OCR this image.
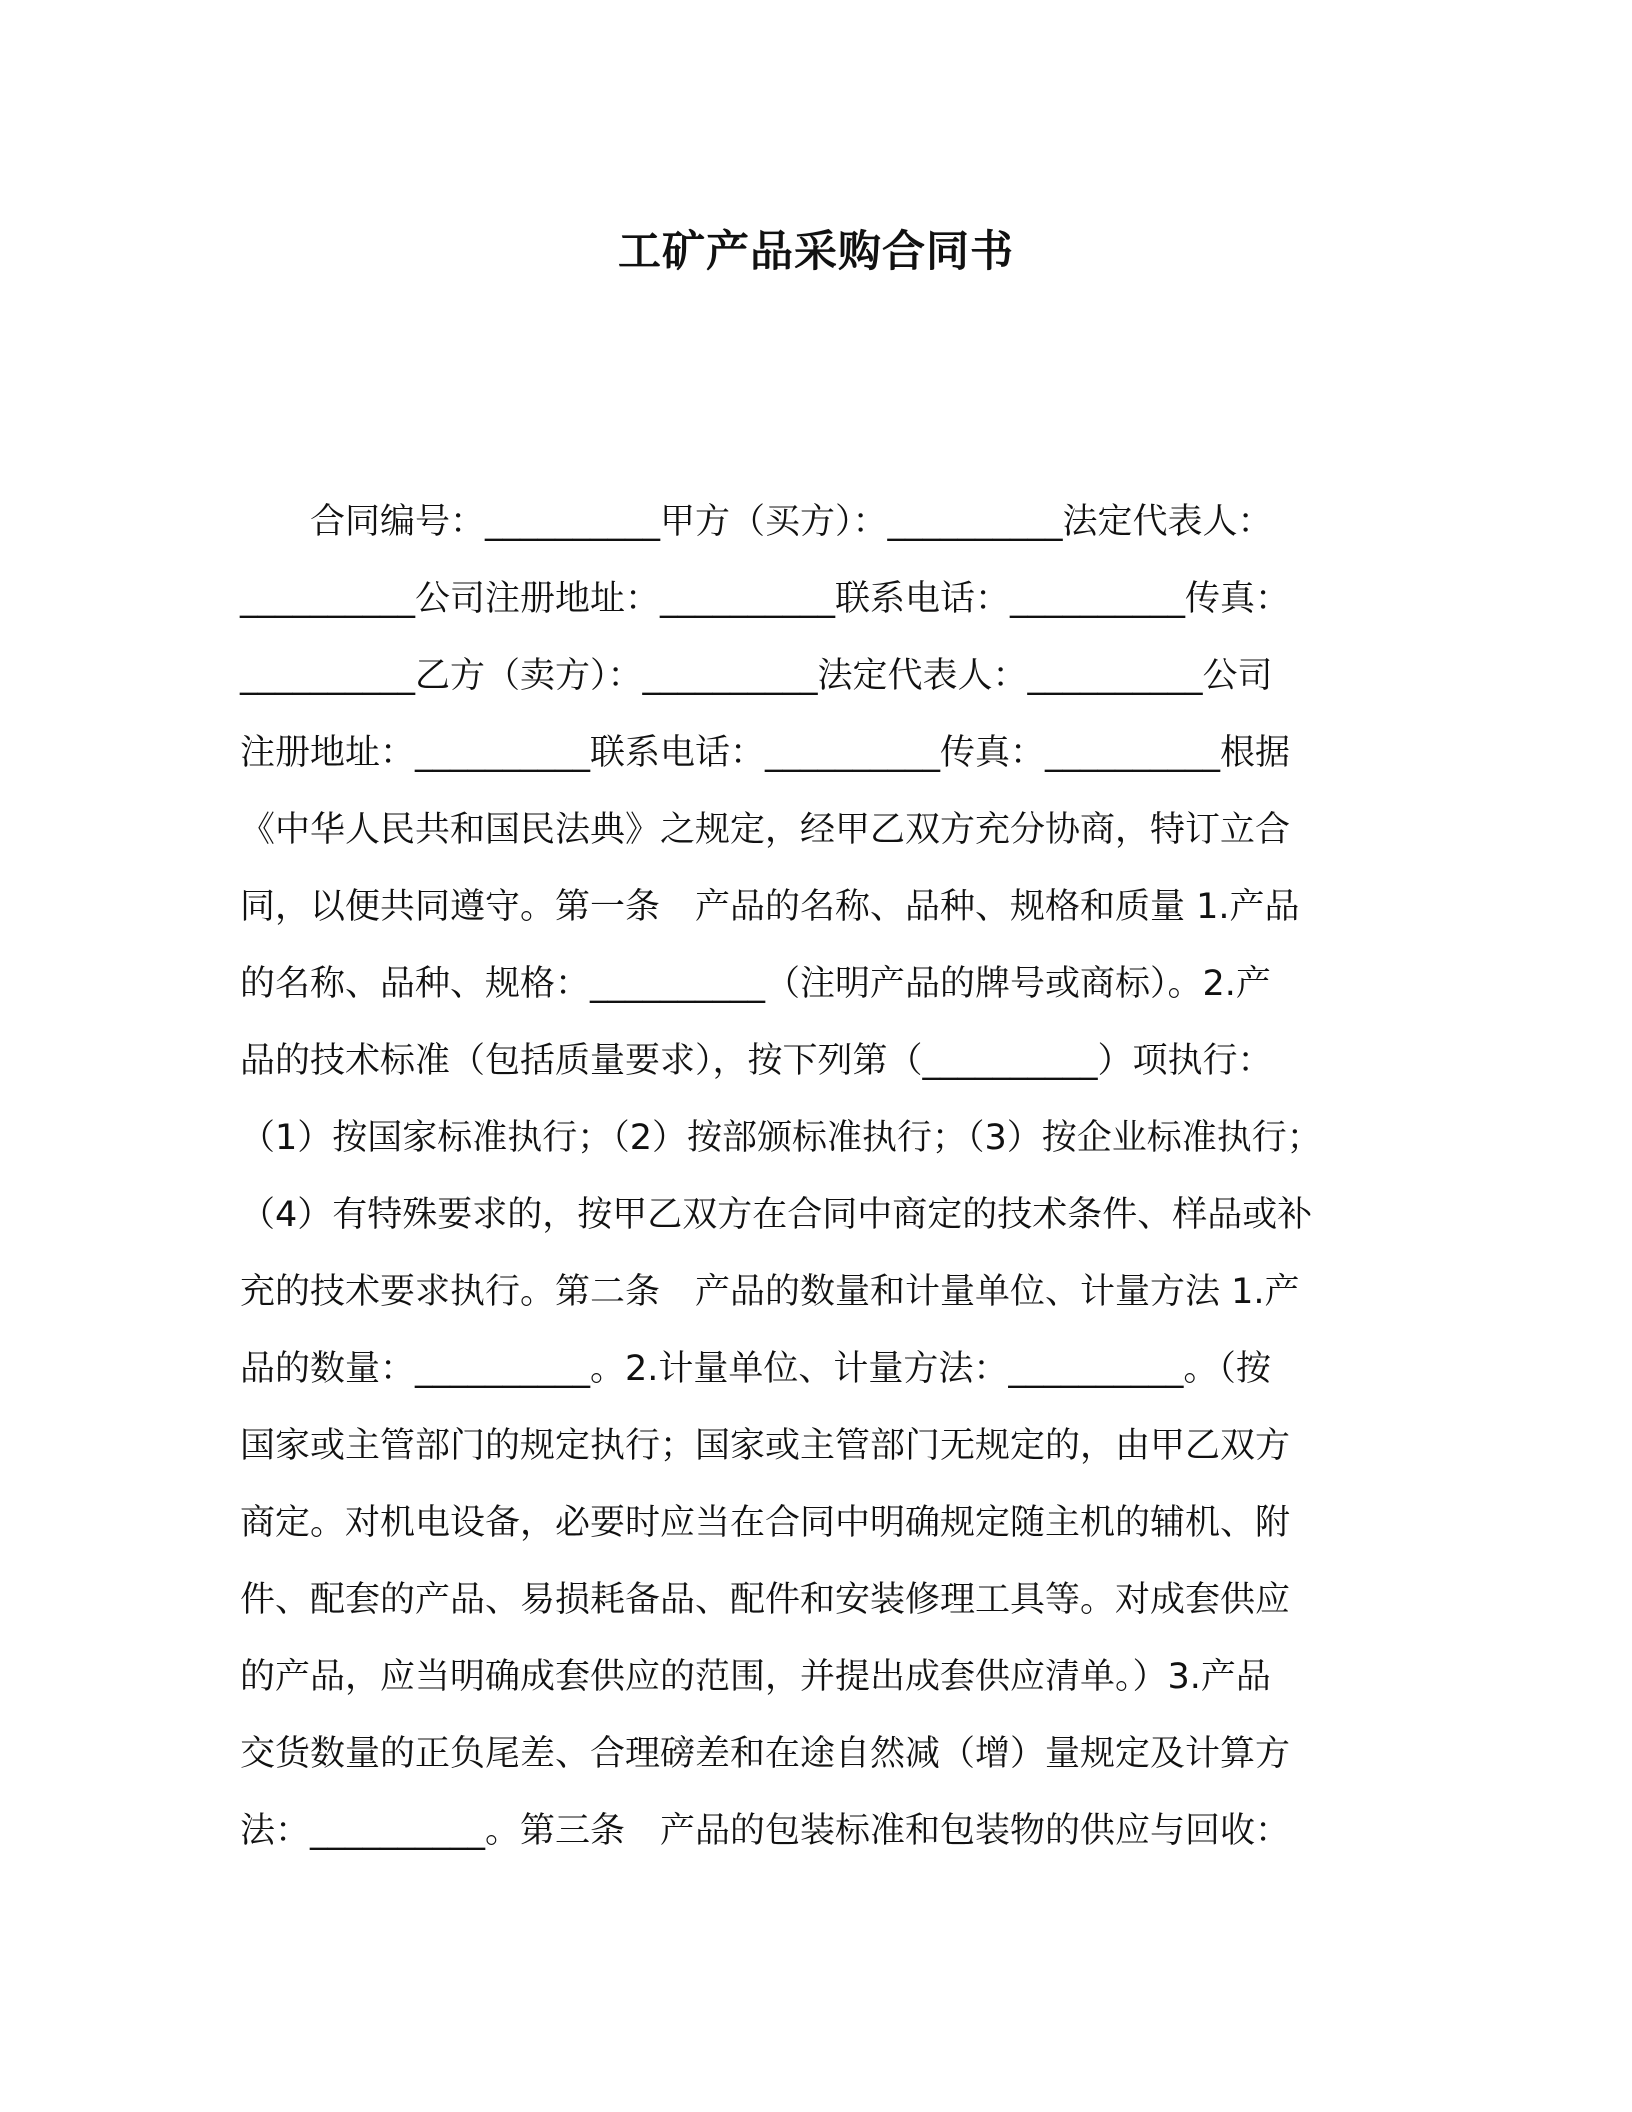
工矿产品采购合同书
　　合同编号：__________甲方（买方）：__________法定代表人：
__________公司注册地址：__________联系电话：__________传真：
__________乙方（卖方）：__________法定代表人：__________公司
注册地址：__________联系电话：__________传真：__________根据
《中华人民共和国民法典》之规定，经甲乙双方充分协商，特订立合
同，以便共同遵守。第一条　产品的名称、品种、规格和质量 1.产品
的名称、品种、规格：__________（注明产品的牌号或商标）。2.产
品的技术标准（包括质量要求），按下列第（__________）项执行：
（1）按国家标准执行；（2）按部颁标准执行；（3）按企业标准执行；
（4）有特殊要求的，按甲乙双方在合同中商定的技术条件、样品或补
充的技术要求执行。第二条　产品的数量和计量单位、计量方法 1.产
品的数量：__________。2.计量单位、计量方法：__________。（按
国家或主管部门的规定执行；国家或主管部门无规定的，由甲乙双方
商定。对机电设备，必要时应当在合同中明确规定随主机的辅机、附
件、配套的产品、易损耗备品、配件和安装修理工具等。对成套供应
的产品，应当明确成套供应的范围，并提出成套供应清单。）3.产品
交货数量的正负尾差、合理磅差和在途自然减（增）量规定及计算方
法：__________。第三条　产品的包装标准和包装物的供应与回收：
